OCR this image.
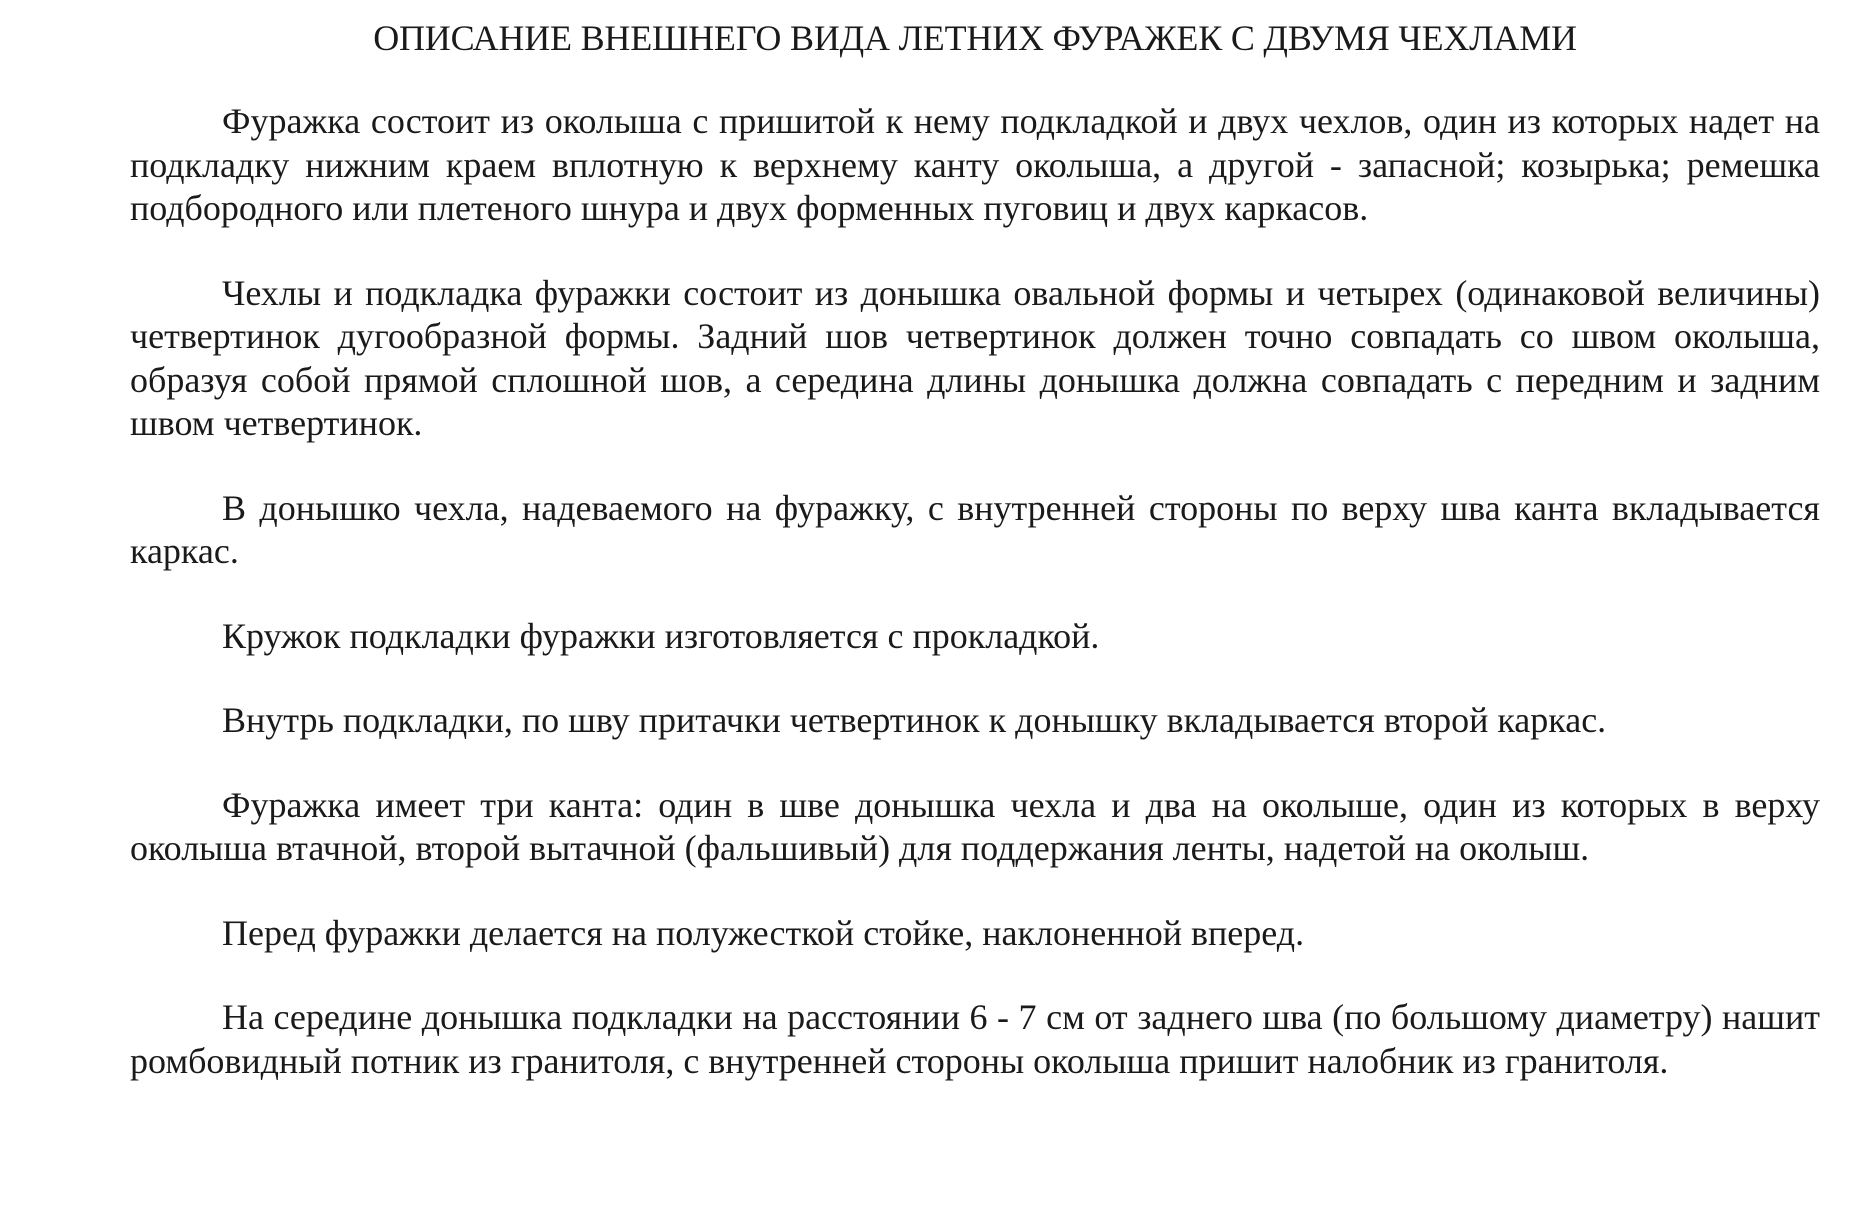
ОПИСАНИЕ ВНЕШНЕГО ВИДА ЛЕТНИХ ФУРАЖЕК С ДВУМЯ ЧЕХЛАМИ

Фуражка состоит из околыша с пришитой к нему подкладкой и двух чехлов, один из которых надет на подкладку нижним краем вплотную к верхнему канту околыша, а другой - запасной; козырька; ремешка подбородного или плетеного шнура и двух форменных пуговиц и двух каркасов.

Чехлы и подкладка фуражки состоит из донышка овальной формы и четырех (одинаковой величины) четвертинок дугообразной формы. Задний шов четвертинок должен точно совпадать со швом околыша, образуя собой прямой сплошной шов, а середина длины донышка должна совпадать с передним и задним швом четвертинок.

В донышко чехла, надеваемого на фуражку, с внутренней стороны по верху шва канта вкладывается каркас.

Кружок подкладки фуражки изготовляется с прокладкой.

Внутрь подкладки, по шву притачки четвертинок к донышку вкладывается второй каркас.

Фуражка имеет три канта: один в шве донышка чехла и два на околыше, один из которых в верху околыша втачной, второй вытачной (фальшивый) для поддержания ленты, надетой на околыш.

Перед фуражки делается на полужесткой стойке, наклоненной вперед.

На середине донышка подкладки на расстоянии 6 - 7 см от заднего шва (по большому диаметру) нашит ромбовидный потник из гранитоля, с внутренней стороны околыша пришит налобник из гранитоля.
